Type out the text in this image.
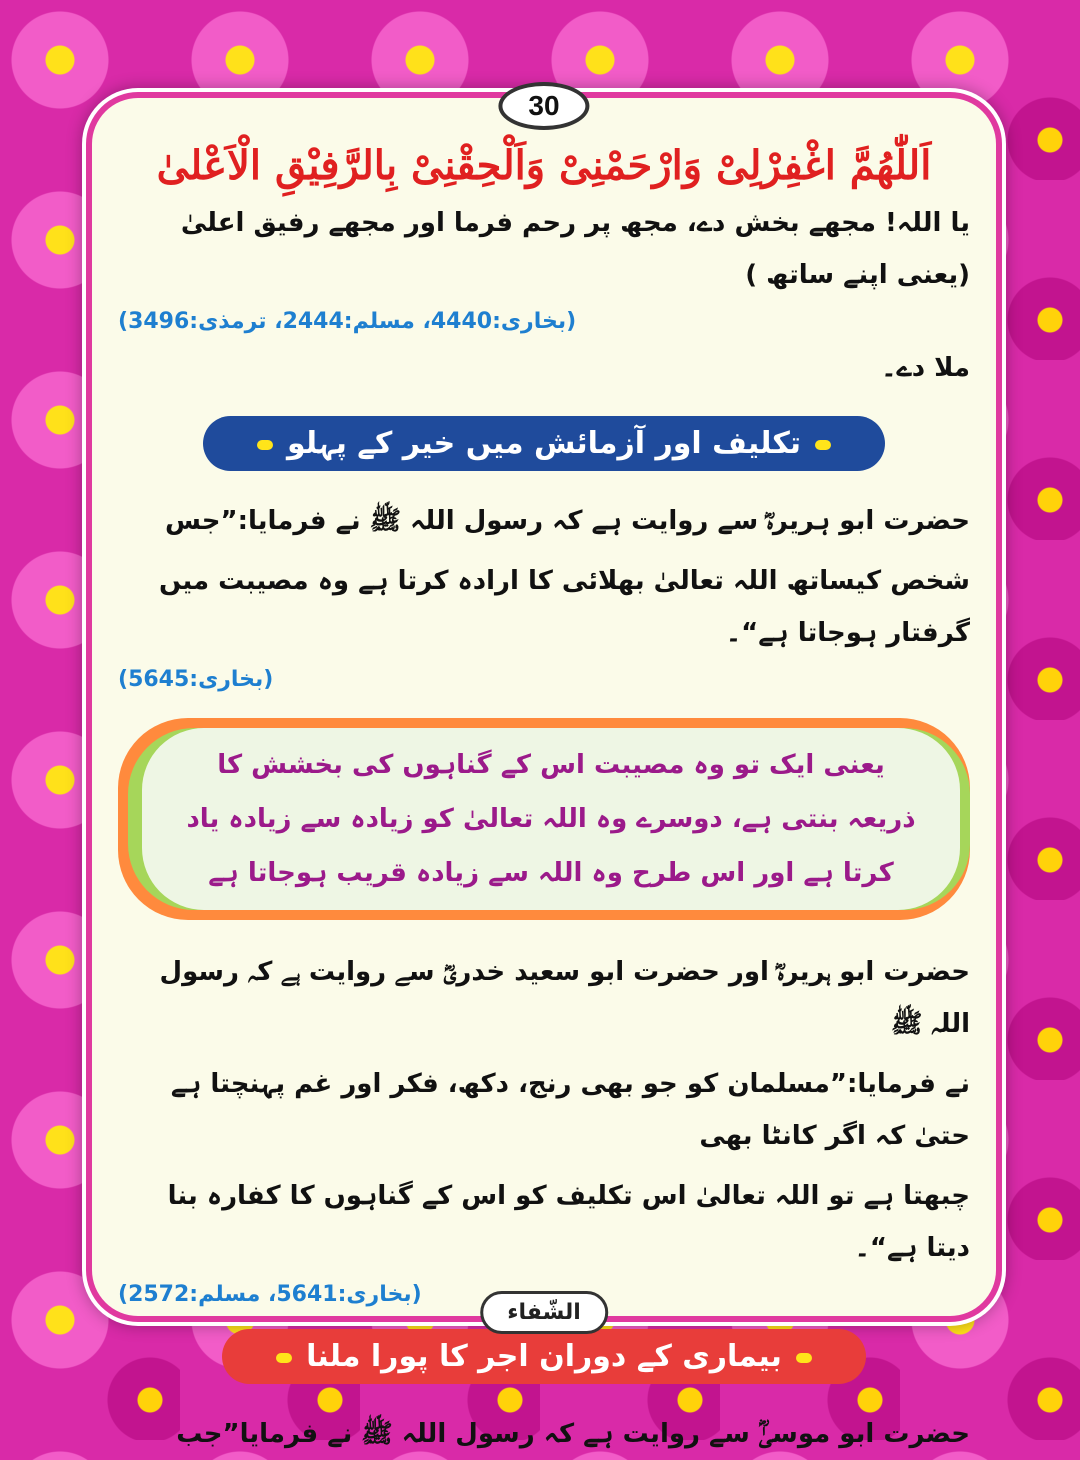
30
اَللّٰھُمَّ اغْفِرْلِیْ وَارْحَمْنِیْ وَاَلْحِقْنِیْ بِالرَّفِیْقِ الْاَعْلیٰ
یا اللہ! مجھے بخش دے، مجھ پر رحم فرما اور مجھے رفیق اعلیٰ (یعنی اپنے ساتھ )
(بخاری:4440، مسلم:2444، ترمذی:3496)
ملا دے۔
تکلیف اور آزمائش میں خیر کے پہلو
حضرت ابو ہریرہؓ سے روایت ہے کہ رسول اللہ ﷺ نے فرمایا:”جس
شخص کیساتھ اللہ تعالیٰ بھلائی کا ارادہ کرتا ہے وہ مصیبت میں گرفتار ہوجاتا ہے“۔
(بخاری:5645)
یعنی ایک تو وہ مصیبت اس کے گناہوں کی بخشش کا
ذریعہ بنتی ہے، دوسرے وہ اللہ تعالیٰ کو زیادہ سے زیادہ یاد
کرتا ہے اور اس طرح وہ اللہ سے زیادہ قریب ہوجاتا ہے
حضرت ابو ہریرہؓ اور حضرت ابو سعید خدریؓ سے روایت ہے کہ رسول اللہ ﷺ
نے فرمایا:”مسلمان کو جو بھی رنج، دکھ، فکر اور غم پہنچتا ہے حتیٰ کہ اگر کانٹا بھی
چبھتا ہے تو اللہ تعالیٰ اس تکلیف کو اس کے گناہوں کا کفارہ بنا دیتا ہے“۔
(بخاری:5641، مسلم:2572)
بیماری کے دوران اجر کا پورا ملنا
حضرت ابو موسیٰؓ سے روایت ہے کہ رسول اللہ ﷺ نے فرمایا”جب
الشّفاء
